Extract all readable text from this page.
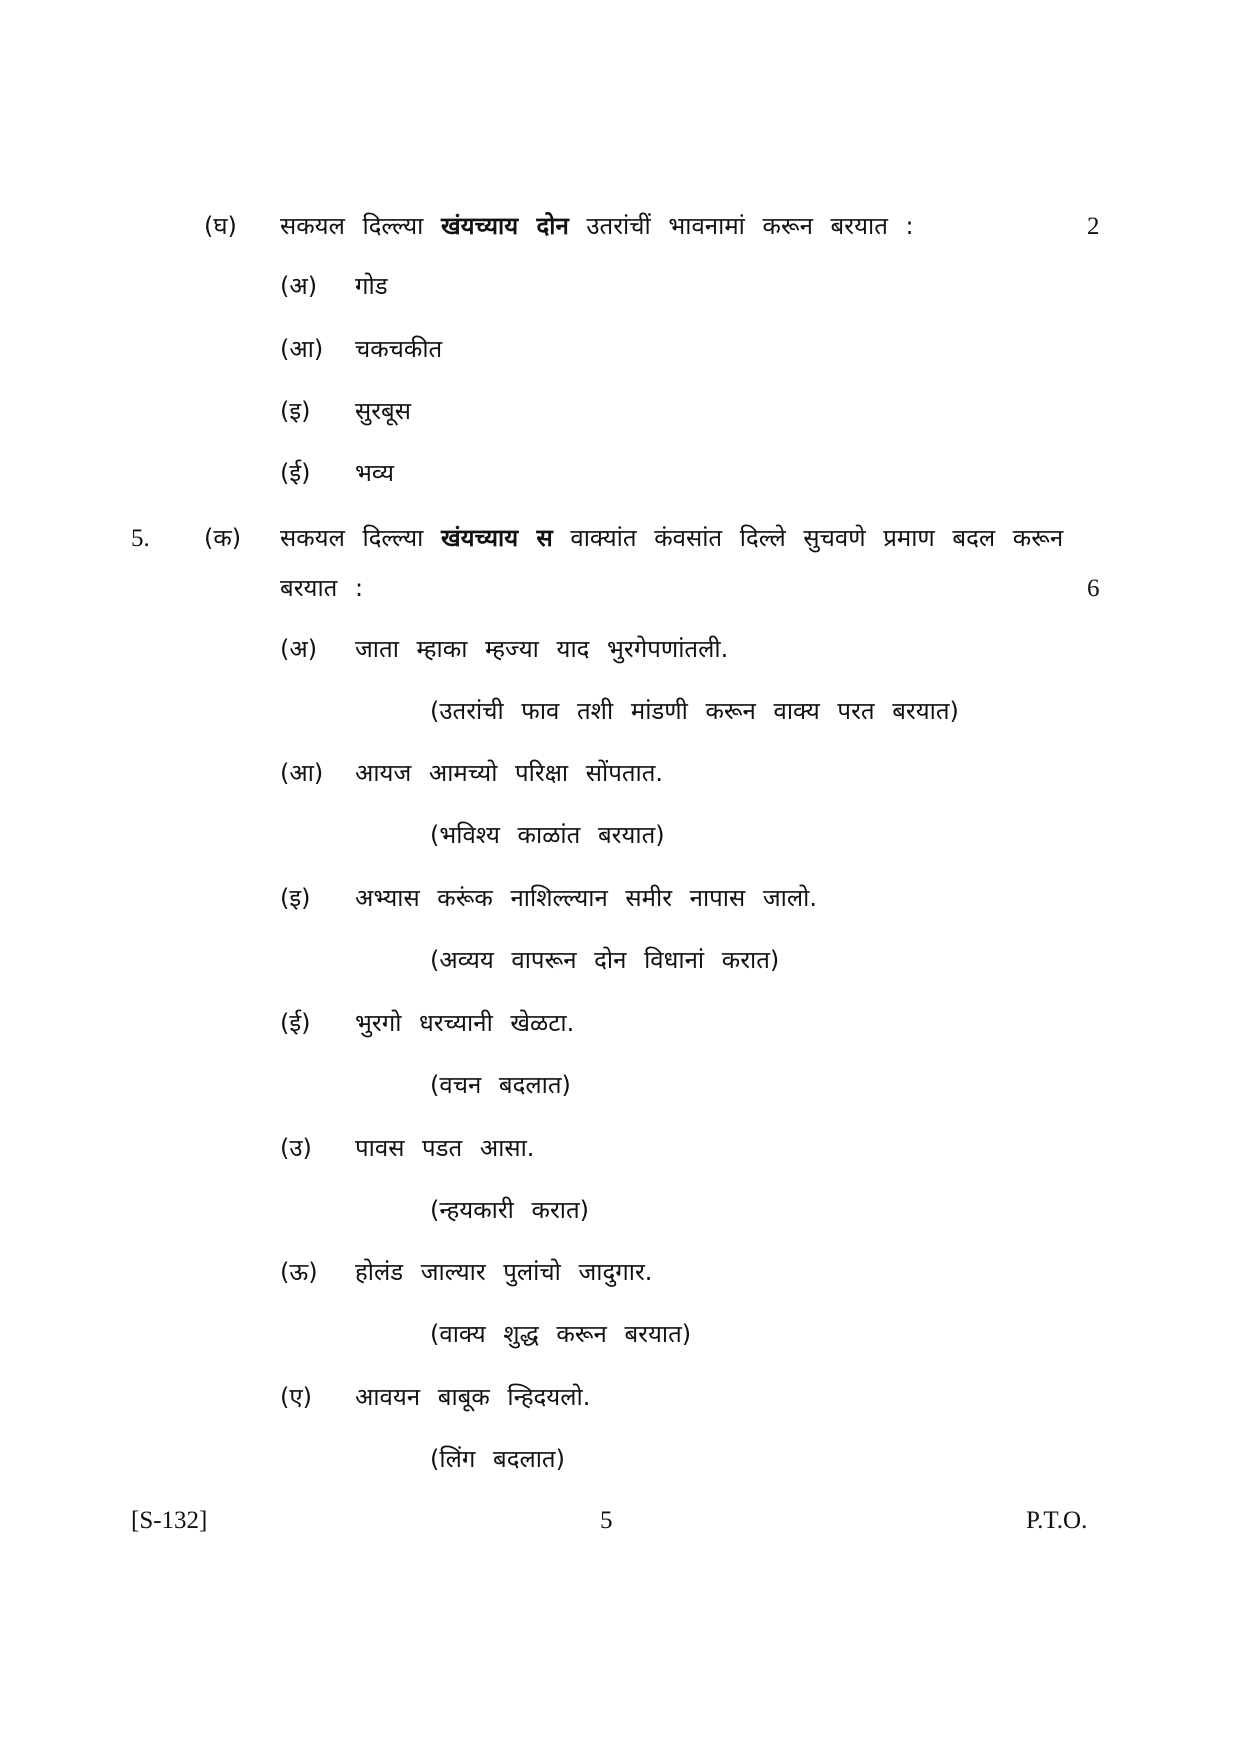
(घ) सकयल दिल्ल्या खंयच्याय दोन उतरांचीं भावनामां करून बरयात :	2
(अ) गोड
(आ) चकचकीत
(इ) सुरबूस
(ई) भव्य
5. (क) सकयल दिल्ल्या खंयच्याय स वाक्यांत कंवसांत दिल्ले सुचवणे प्रमाण बदल करून
बरयात :	6
(अ) जाता म्हाका म्हज्या याद भुरगेपणांतली.
(उतरांची फाव तशी मांडणी करून वाक्य परत बरयात)
(आ) आयज आमच्यो परिक्षा सोंपतात.
(भविश्य काळांत बरयात)
(इ) अभ्यास करूंक नाशिल्ल्यान समीर नापास जालो.
(अव्यय वापरून दोन विधानां करात)
(ई) भुरगो धरच्यानी खेळटा.
(वचन बदलात)
(उ) पावस पडत आसा.
(न्हयकारी करात)
(ऊ) होलंड जाल्यार पुलांचो जादुगार.
(वाक्य शुद्ध करून बरयात)
(ए) आवयन बाबूक न्हिदयलो.
(लिंग बदलात)
[S-132]	5	P.T.O.
